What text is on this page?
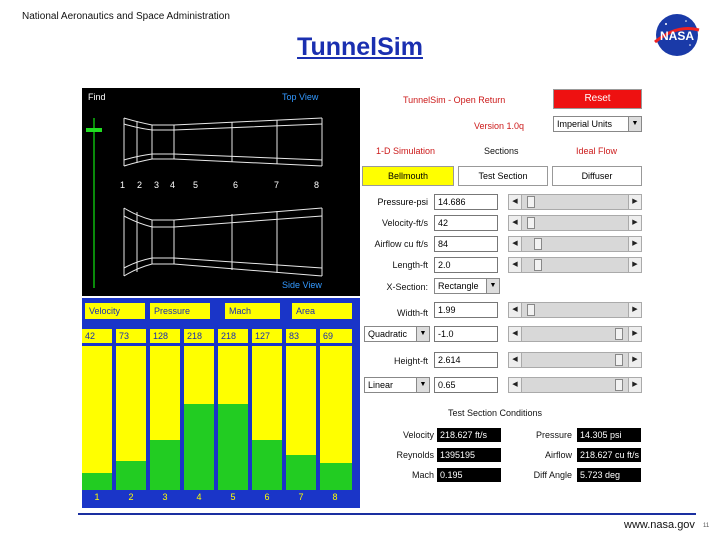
National Aeronautics and Space Administration
TunnelSim	NASA
Find	Top View
Side View
1 2 3 4 5	6	7	8
Velocity	Pressure	Mach	Area
42	73	128	218	218	127	83	69
1	2	3	4	5	6	7	8
TunnelSim - Open Return	Reset
Version 1.0q	Imperial Units	▼
1-D Simulation	Sections	Ideal Flow
Bellmouth	Test Section	Diffuser
Pressure-psi	14.686	◀	▶
Velocity-ft/s	42	◀	▶
Airflow cu ft/s	84	◀	▶
Length-ft	2.0	◀	▶
X-Section:	Rectangle	▼
Width-ft	1.99	◀	▶
Quadratic	▼	-1.0	◀	▶
Height-ft	2.614	◀	▶
Linear	▼	0.65	◀	▶
Test Section Conditions
Velocity 218.627 ft/s	Pressure 14.305 psi
Reynolds 1395195	Airflow 218.627 cu ft/s
Mach 0.195	Diff Angle 5.723 deg
www.nasa.gov 11
